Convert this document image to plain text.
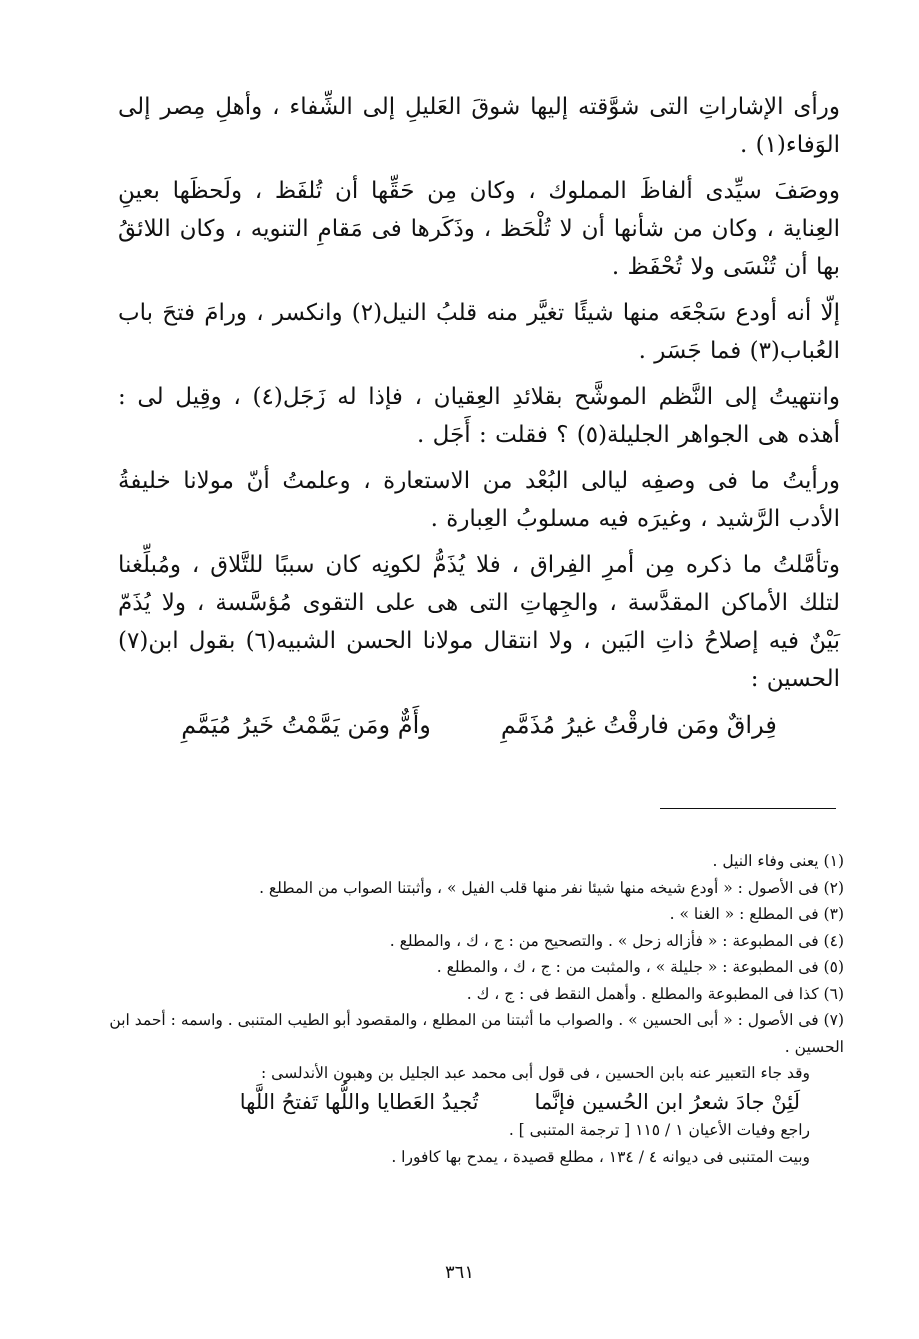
ورأى الإشاراتِ التى شوَّقته إليها شوقَ العَليلِ إلى الشِّفاء ، وأهلِ مِصر إلى الوَفاء(١) .

ووصَفَ سيِّدى ألفاظَ المملوك ، وكان مِن حَقِّها أن تُلفَظ ، ولَحظَها بعينِ العِناية ، وكان من شأنها أن لا تُلْحَظ ، وذَكَرها فى مَقامِ التنويه ، وكان اللائقُ بها أن تُنْسَى ولا تُحْفَظ .

إلّا أنه أودع سَجْعَه منها شيئًا تغيَّر منه قلبُ النيل(٢) وانكسر ، ورامَ فتحَ باب العُباب(٣) فما جَسَر .

وانتهيتُ إلى النَّظم الموشَّح بقلائدِ العِقيان ، فإذا له زَجَل(٤) ، وقِيل لى : أهذه هى الجواهر الجليلة(٥) ؟ فقلت : أَجَل .

ورأيتُ ما فى وصفِه ليالى البُعْد من الاستعارة ، وعلمتُ أنّ مولانا خليفةُ الأدب الرَّشيد ، وغيرَه فيه مسلوبُ العِبارة .

وتأمَّلتُ ما ذكره مِن أمرِ الفِراق ، فلا يُذَمُّ لكونِه كان سببًا للتَّلاق ، ومُبلِّغنا لتلك الأماكن المقدَّسة ، والجِهاتِ التى هى على التقوى مُؤسَّسة ، ولا يُذَمّ بَيْنٌ فيه إصلاحُ ذاتِ البَين ، ولا انتقال مولانا الحسن الشبيه(٦) بقول ابن(٧) الحسين :

فِراقٌ ومَن فارقْتُ غيرُ مُذَمَّمِ
وأَمٌّ ومَن يَمَّمْتُ خَيرُ مُيَمَّمِ

(١) يعنى وفاء النيل .

(٢) فى الأصول : « أودع شيخه منها شيئا نفر منها قلب الفيل » ، وأثبتنا الصواب من المطلع .

(٣) فى المطلع : « الغنا » .

(٤) فى المطبوعة : « فأزاله زحل » . والتصحيح من : ج ، ك ، والمطلع .

(٥) فى المطبوعة : « جليلة » ، والمثبت من : ج ، ك ، والمطلع .

(٦) كذا فى المطبوعة والمطلع . وأهمل النقط فى : ج ، ك .

(٧) فى الأصول : « أبى الحسين » . والصواب ما أثبتنا من المطلع ، والمقصود أبو الطيب المتنبى . واسمه : أحمد ابن الحسين .

وقد جاء التعبير عنه بابن الحسين ، فى قول أبى محمد عبد الجليل بن وهبون الأندلسى :

لَئِنْ جادَ شعرُ ابن الحُسين فإنَّما
تُجيدُ العَطايا واللُّها تَفتحُ اللَّها

راجع وفيات الأعيان ١ / ١١٥ [ ترجمة المتنبى ] .

وبيت المتنبى فى ديوانه ٤ / ١٣٤ ، مطلع قصيدة ، يمدح بها كافورا .

٣٦١
